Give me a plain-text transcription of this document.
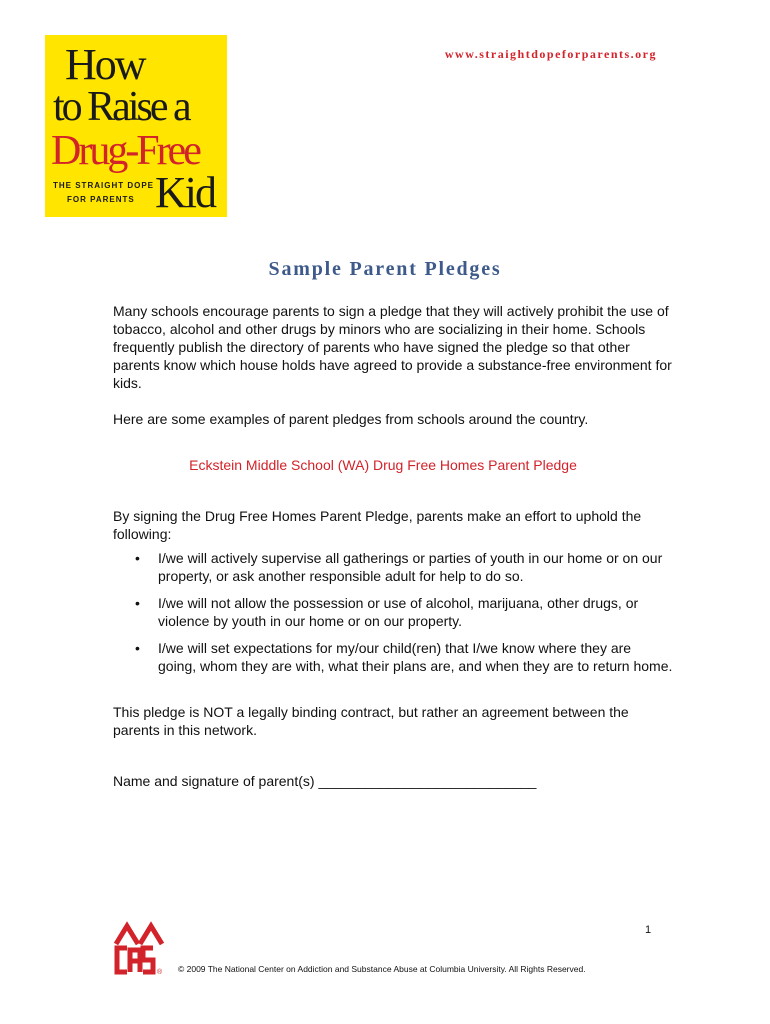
How
to Raise a
Drug-Free
THE STRAIGHT DOPE
FOR PARENTS Kid
www.straightdopeforparents.org
Sample Parent Pledges

Many schools encourage parents to sign a pledge that they will actively prohibit the use of tobacco, alcohol and other drugs by minors who are socializing in their home. Schools frequently publish the directory of parents who have signed the pledge so that other parents know which house holds have agreed to provide a substance-free environment for kids.

Here are some examples of parent pledges from schools around the country.

Eckstein Middle School (WA) Drug Free Homes Parent Pledge

By signing the Drug Free Homes Parent Pledge, parents make an effort to uphold the following:

•	I/we will actively supervise all gatherings or parties of youth in our home or on our property, or ask another responsible adult for help to do so.
•	I/we will not allow the possession or use of alcohol, marijuana, other drugs, or violence by youth in our home or on our property.
•	I/we will set expectations for my/our child(ren) that I/we know where they are going, whom they are with, what their plans are, and when they are to return home.

This pledge is NOT a legally binding contract, but rather an agreement between the parents in this network.

Name and signature of parent(s) ____________________________

1
® © 2009 The National Center on Addiction and Substance Abuse at Columbia University. All Rights Reserved.
